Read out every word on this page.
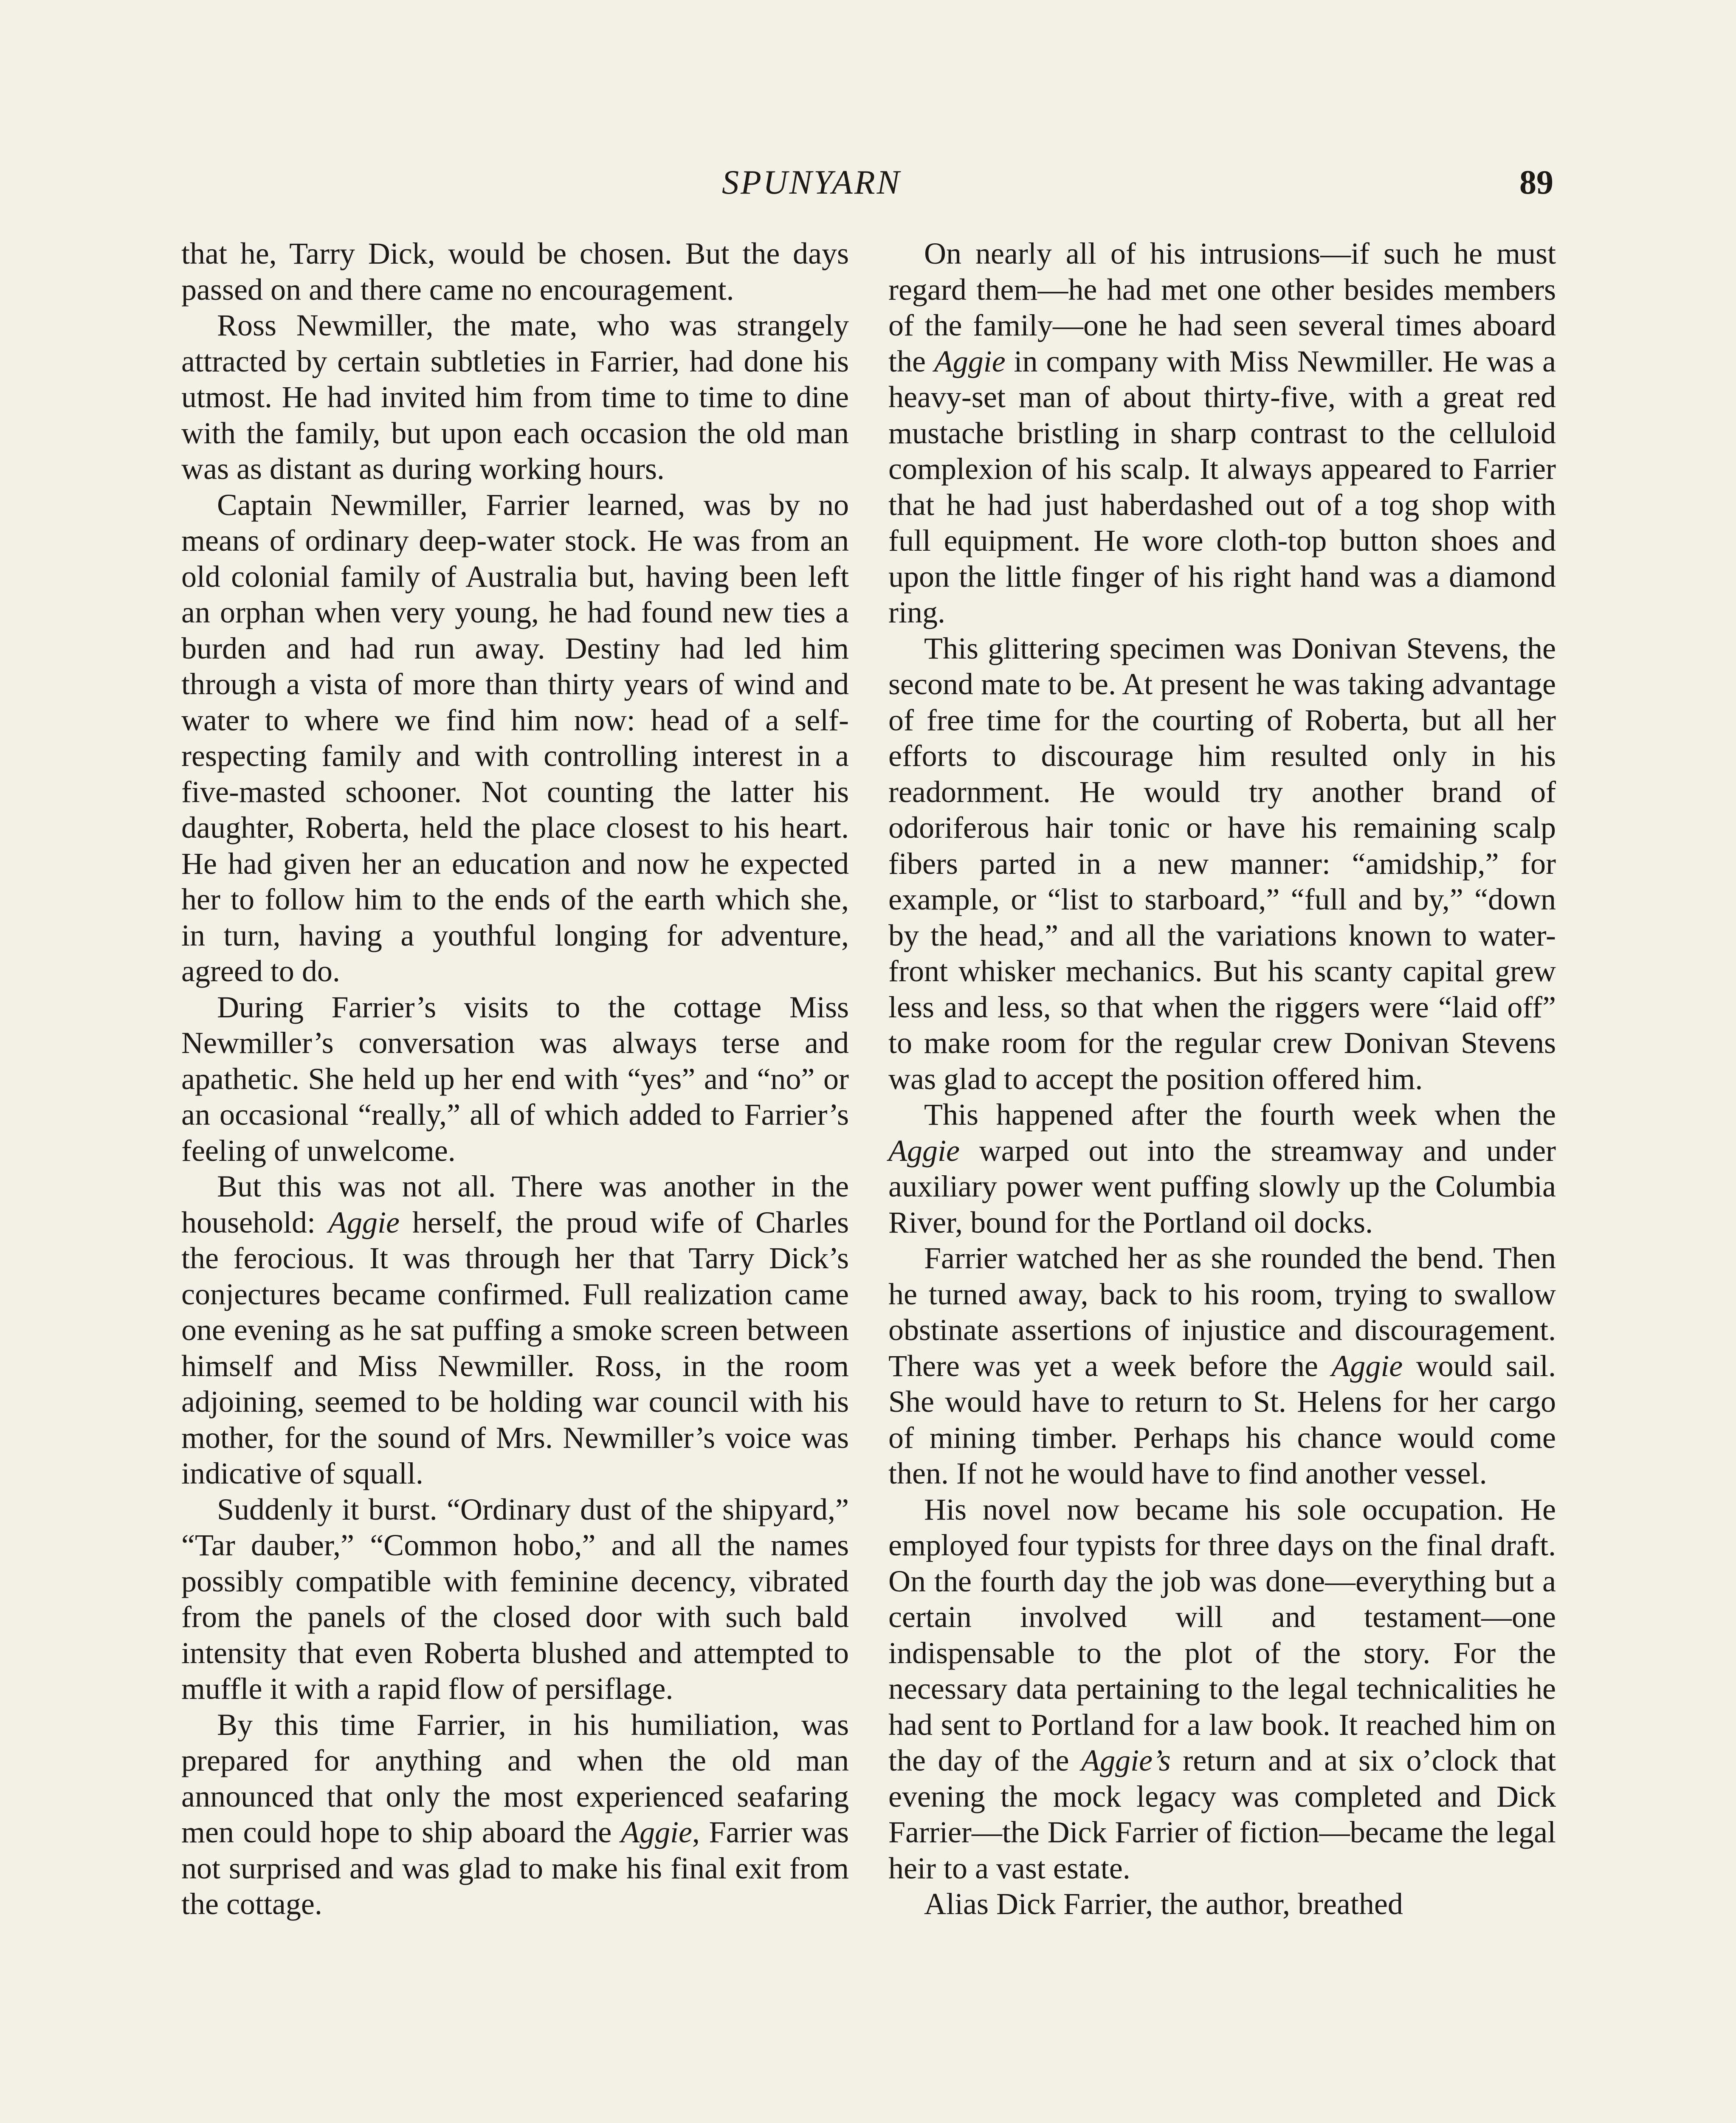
SPUNYARN	89

that he, Tarry Dick, would be chosen. But the days passed on and there came no encouragement.

Ross Newmiller, the mate, who was strangely attracted by certain subtleties in Farrier, had done his utmost. He had invited him from time to time to dine with the family, but upon each occasion the old man was as distant as during working hours.

Captain Newmiller, Farrier learned, was by no means of ordinary deep-water stock. He was from an old colonial family of Australia but, having been left an orphan when very young, he had found new ties a burden and had run away. Destiny had led him through a vista of more than thirty years of wind and water to where we find him now: head of a self-respecting family and with controlling interest in a five-masted schooner. Not counting the latter his daughter, Roberta, held the place closest to his heart. He had given her an education and now he expected her to follow him to the ends of the earth which she, in turn, having a youthful longing for adventure, agreed to do.

During Farrier’s visits to the cottage Miss Newmiller’s conversation was always terse and apathetic. She held up her end with “yes” and “no” or an occasional “really,” all of which added to Farrier’s feeling of unwelcome.

But this was not all. There was another in the household: Aggie herself, the proud wife of Charles the ferocious. It was through her that Tarry Dick’s conjectures became confirmed. Full realization came one evening as he sat puffing a smoke screen between himself and Miss Newmiller. Ross, in the room adjoining, seemed to be holding war council with his mother, for the sound of Mrs. Newmiller’s voice was indicative of squall.

Suddenly it burst. “Ordinary dust of the shipyard,” “Tar dauber,” “Common hobo,” and all the names possibly compatible with feminine decency, vibrated from the panels of the closed door with such bald intensity that even Roberta blushed and attempted to muffle it with a rapid flow of persiflage.

By this time Farrier, in his humiliation, was prepared for anything and when the old man announced that only the most experienced seafaring men could hope to ship aboard the Aggie, Farrier was not surprised and was glad to make his final exit from the cottage.

On nearly all of his intrusions—if such he must regard them—he had met one other besides members of the family—one he had seen several times aboard the Aggie in company with Miss Newmiller. He was a heavy-set man of about thirty-five, with a great red mustache bristling in sharp contrast to the celluloid complexion of his scalp. It always appeared to Farrier that he had just haberdashed out of a tog shop with full equipment. He wore cloth-top button shoes and upon the little finger of his right hand was a diamond ring.

This glittering specimen was Donivan Stevens, the second mate to be. At present he was taking advantage of free time for the courting of Roberta, but all her efforts to discourage him resulted only in his readornment. He would try another brand of odoriferous hair tonic or have his remaining scalp fibers parted in a new manner: “amidship,” for example, or “list to starboard,” “full and by,” “down by the head,” and all the variations known to water-front whisker mechanics. But his scanty capital grew less and less, so that when the riggers were “laid off” to make room for the regular crew Donivan Stevens was glad to accept the position offered him.

This happened after the fourth week when the Aggie warped out into the streamway and under auxiliary power went puffing slowly up the Columbia River, bound for the Portland oil docks.

Farrier watched her as she rounded the bend. Then he turned away, back to his room, trying to swallow obstinate assertions of injustice and discouragement. There was yet a week before the Aggie would sail. She would have to return to St. Helens for her cargo of mining timber. Perhaps his chance would come then. If not he would have to find another vessel.

His novel now became his sole occupation. He employed four typists for three days on the final draft. On the fourth day the job was done—everything but a certain involved will and testament—one indispensable to the plot of the story. For the necessary data pertaining to the legal technicalities he had sent to Portland for a law book. It reached him on the day of the Aggie’s return and at six o’clock that evening the mock legacy was completed and Dick Farrier—the Dick Farrier of fiction—became the legal heir to a vast estate.

Alias Dick Farrier, the author, breathed
